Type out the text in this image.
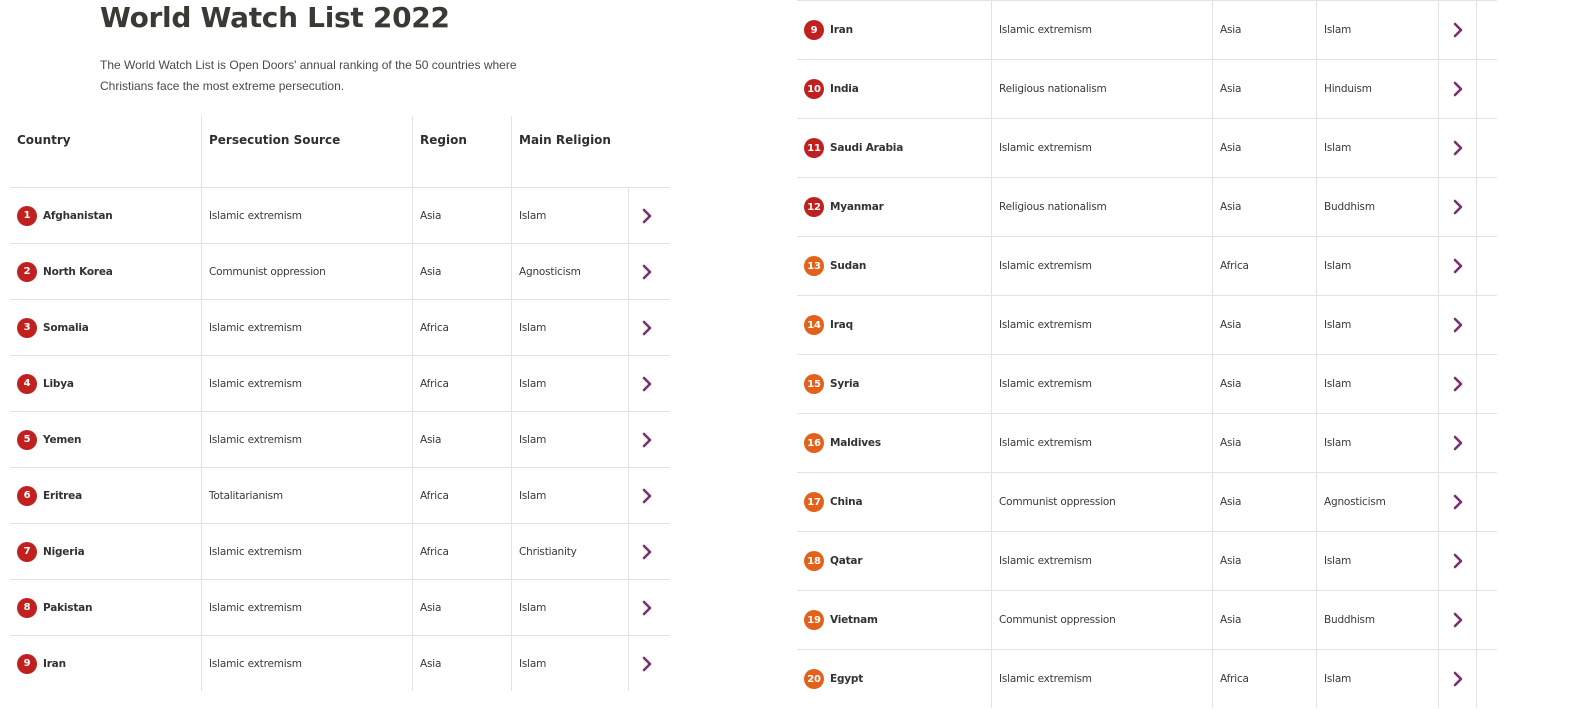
World Watch List 2022

The World Watch List is Open Doors' annual ranking of the 50 countries where Christians face the most extreme persecution.

Country	Persecution Source	Region	Main Religion
1	Afghanistan	Islamic extremism	Asia	Islam
2	North Korea	Communist oppression	Asia	Agnosticism
3	Somalia	Islamic extremism	Africa	Islam
4	Libya	Islamic extremism	Africa	Islam
5	Yemen	Islamic extremism	Asia	Islam
6	Eritrea	Totalitarianism	Africa	Islam
7	Nigeria	Islamic extremism	Africa	Christianity
8	Pakistan	Islamic extremism	Asia	Islam
9	Iran	Islamic extremism	Asia	Islam
9	Iran	Islamic extremism	Asia	Islam
10 India	Religious nationalism	Asia	Hinduism
11 Saudi Arabia	Islamic extremism	Asia	Islam
12 Myanmar	Religious nationalism	Asia	Buddhism
13 Sudan	Islamic extremism	Africa	Islam
14 Iraq	Islamic extremism	Asia	Islam
15 Syria	Islamic extremism	Asia	Islam
16 Maldives	Islamic extremism	Asia	Islam
17 China	Communist oppression	Asia	Agnosticism
18 Qatar	Islamic extremism	Asia	Islam
19 Vietnam	Communist oppression	Asia	Buddhism
20 Egypt	Islamic extremism	Africa	Islam
